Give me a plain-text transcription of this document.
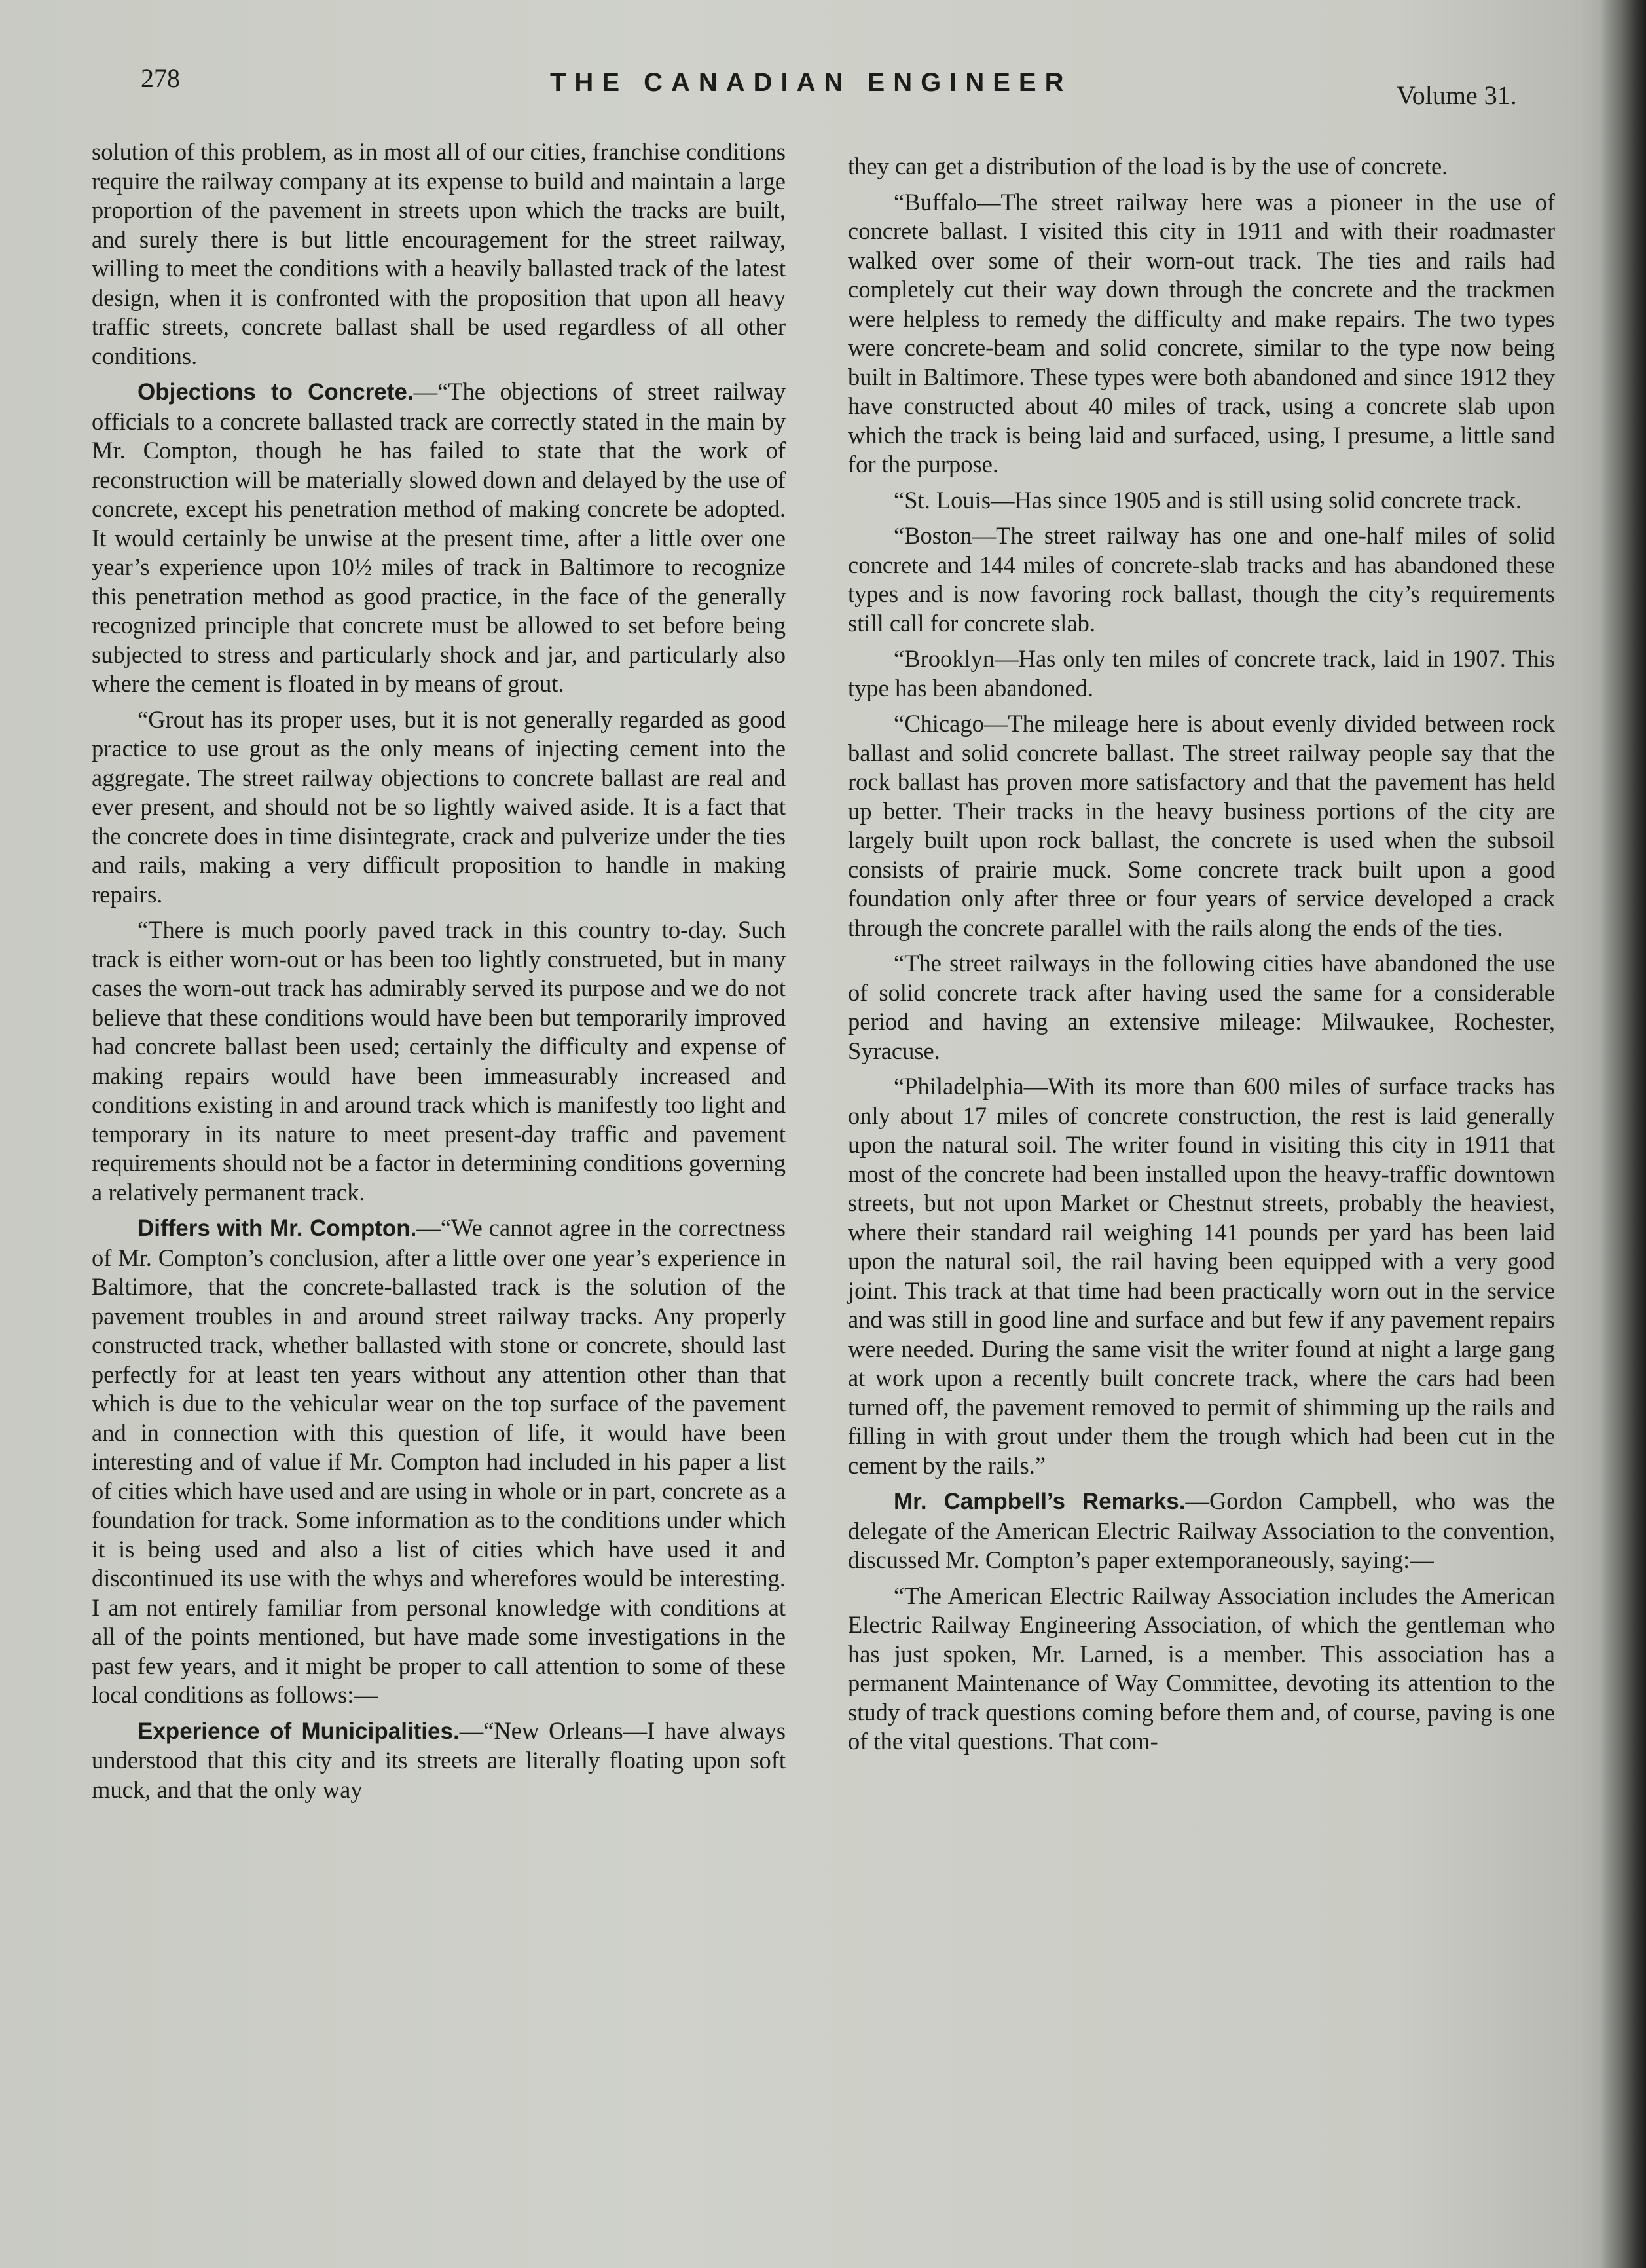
278	THE CANADIAN ENGINEER	Volume 31.

solution of this problem, as in most all of our cities, franchise conditions require the railway company at its expense to build and maintain a large proportion of the pavement in streets upon which the tracks are built, and surely there is but little encouragement for the street railway, willing to meet the conditions with a heavily ballasted track of the latest design, when it is confronted with the proposition that upon all heavy traffic streets, concrete ballast shall be used regardless of all other conditions.

Objections to Concrete.—“The objections of street railway officials to a concrete ballasted track are correctly stated in the main by Mr. Compton, though he has failed to state that the work of reconstruction will be materially slowed down and delayed by the use of concrete, except his penetration method of making concrete be adopted. It would certainly be unwise at the present time, after a little over one year’s experience upon 10½ miles of track in Baltimore to recognize this penetration method as good practice, in the face of the generally recognized principle that concrete must be allowed to set before being subjected to stress and particularly shock and jar, and particularly also where the cement is floated in by means of grout.

“Grout has its proper uses, but it is not generally regarded as good practice to use grout as the only means of injecting cement into the aggregate. The street railway objections to concrete ballast are real and ever present, and should not be so lightly waived aside. It is a fact that the concrete does in time disintegrate, crack and pulverize under the ties and rails, making a very difficult proposition to handle in making repairs.

“There is much poorly paved track in this country to-day. Such track is either worn-out or has been too lightly construeted, but in many cases the worn-out track has admirably served its purpose and we do not believe that these conditions would have been but temporarily improved had concrete ballast been used; certainly the difficulty and expense of making repairs would have been immeasurably increased and conditions existing in and around track which is manifestly too light and temporary in its nature to meet present-day traffic and pavement requirements should not be a factor in determining conditions governing a relatively permanent track.

Differs with Mr. Compton.—“We cannot agree in the correctness of Mr. Compton’s conclusion, after a little over one year’s experience in Baltimore, that the concrete-ballasted track is the solution of the pavement troubles in and around street railway tracks. Any properly constructed track, whether ballasted with stone or concrete, should last perfectly for at least ten years without any attention other than that which is due to the vehicular wear on the top surface of the pavement and in connection with this question of life, it would have been interesting and of value if Mr. Compton had included in his paper a list of cities which have used and are using in whole or in part, concrete as a foundation for track. Some information as to the conditions under which it is being used and also a list of cities which have used it and discontinued its use with the whys and wherefores would be interesting. I am not entirely familiar from personal knowledge with conditions at all of the points mentioned, but have made some investigations in the past few years, and it might be proper to call attention to some of these local conditions as follows:—

Experience of Municipalities.—“New Orleans—I have always understood that this city and its streets are literally floating upon soft muck, and that the only way

they can get a distribution of the load is by the use of concrete.

“Buffalo—The street railway here was a pioneer in the use of concrete ballast. I visited this city in 1911 and with their roadmaster walked over some of their worn-out track. The ties and rails had completely cut their way down through the concrete and the trackmen were helpless to remedy the difficulty and make repairs. The two types were concrete-beam and solid concrete, similar to the type now being built in Baltimore. These types were both abandoned and since 1912 they have constructed about 40 miles of track, using a concrete slab upon which the track is being laid and surfaced, using, I presume, a little sand for the purpose.

“St. Louis—Has since 1905 and is still using solid concrete track.

“Boston—The street railway has one and one-half miles of solid concrete and 144 miles of concrete-slab tracks and has abandoned these types and is now favoring rock ballast, though the city’s requirements still call for concrete slab.

“Brooklyn—Has only ten miles of concrete track, laid in 1907. This type has been abandoned.

“Chicago—The mileage here is about evenly divided between rock ballast and solid concrete ballast. The street railway people say that the rock ballast has proven more satisfactory and that the pavement has held up better. Their tracks in the heavy business portions of the city are largely built upon rock ballast, the concrete is used when the subsoil consists of prairie muck. Some concrete track built upon a good foundation only after three or four years of service developed a crack through the concrete parallel with the rails along the ends of the ties.

“The street railways in the following cities have abandoned the use of solid concrete track after having used the same for a considerable period and having an extensive mileage: Milwaukee, Rochester, Syracuse.

“Philadelphia—With its more than 600 miles of surface tracks has only about 17 miles of concrete construction, the rest is laid generally upon the natural soil. The writer found in visiting this city in 1911 that most of the concrete had been installed upon the heavy-traffic downtown streets, but not upon Market or Chestnut streets, probably the heaviest, where their standard rail weighing 141 pounds per yard has been laid upon the natural soil, the rail having been equipped with a very good joint. This track at that time had been practically worn out in the service and was still in good line and surface and but few if any pavement repairs were needed. During the same visit the writer found at night a large gang at work upon a recently built concrete track, where the cars had been turned off, the pavement removed to permit of shimming up the rails and filling in with grout under them the trough which had been cut in the cement by the rails.”

Mr. Campbell’s Remarks.—Gordon Campbell, who was the delegate of the American Electric Railway Association to the convention, discussed Mr. Compton’s paper extemporaneously, saying:—

“The American Electric Railway Association includes the American Electric Railway Engineering Association, of which the gentleman who has just spoken, Mr. Larned, is a member. This association has a permanent Maintenance of Way Committee, devoting its attention to the study of track questions coming before them and, of course, paving is one of the vital questions. That com-
